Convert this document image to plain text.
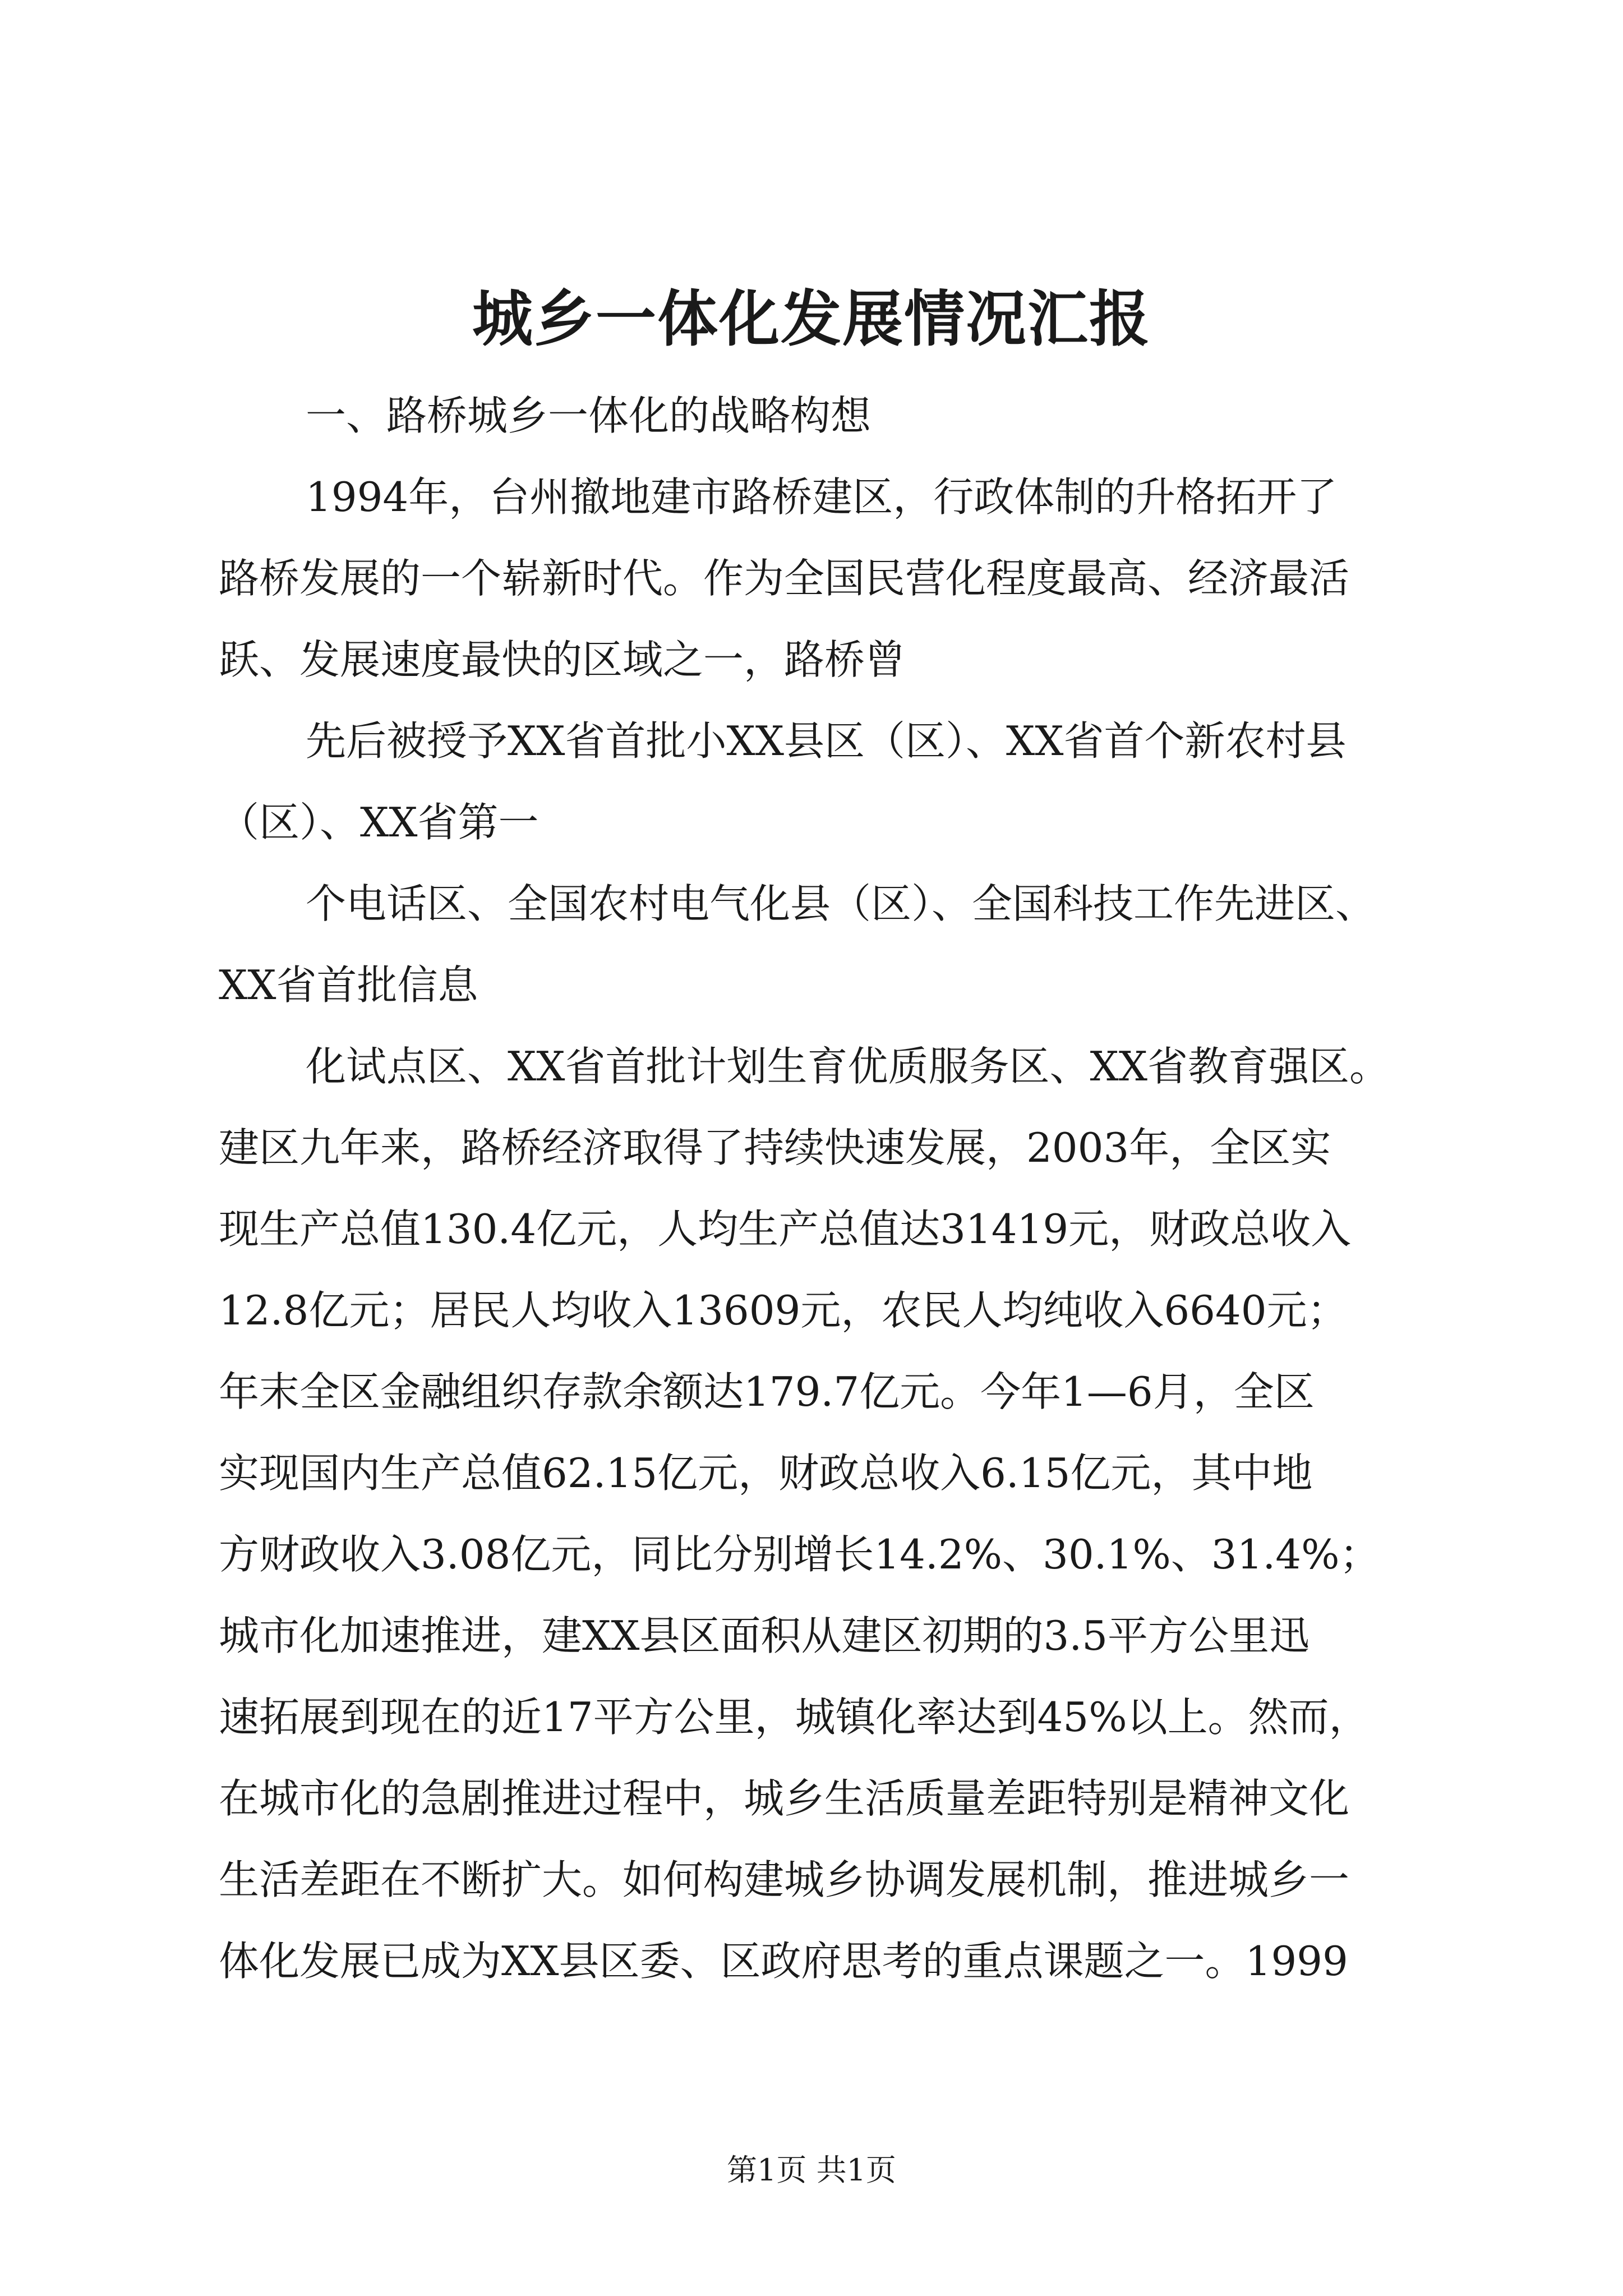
城乡一体化发展情况汇报
一、路桥城乡一体化的战略构想
1994年，台州撤地建市路桥建区，行政体制的升格拓开了
路桥发展的一个崭新时代。作为全国民营化程度最高、经济最活
跃、发展速度最快的区域之一，路桥曾
先后被授予XX省首批小XX县区（区）、XX省首个新农村县
（区）、XX省第一
个电话区、全国农村电气化县（区）、全国科技工作先进区、
XX省首批信息
化试点区、XX省首批计划生育优质服务区、XX省教育强区。
建区九年来，路桥经济取得了持续快速发展，2003年，全区实
现生产总值130.4亿元，人均生产总值达31419元，财政总收入
12.8亿元；居民人均收入13609元，农民人均纯收入6640元；
年末全区金融组织存款余额达179.7亿元。今年1—6月，全区
实现国内生产总值62.15亿元，财政总收入6.15亿元，其中地
方财政收入3.08亿元，同比分别增长14.2%、30.1%、31.4%；
城市化加速推进，建XX县区面积从建区初期的3.5平方公里迅
速拓展到现在的近17平方公里，城镇化率达到45%以上。然而，
在城市化的急剧推进过程中，城乡生活质量差距特别是精神文化
生活差距在不断扩大。如何构建城乡协调发展机制，推进城乡一
体化发展已成为XX县区委、区政府思考的重点课题之一。1999
第1页 共1页
